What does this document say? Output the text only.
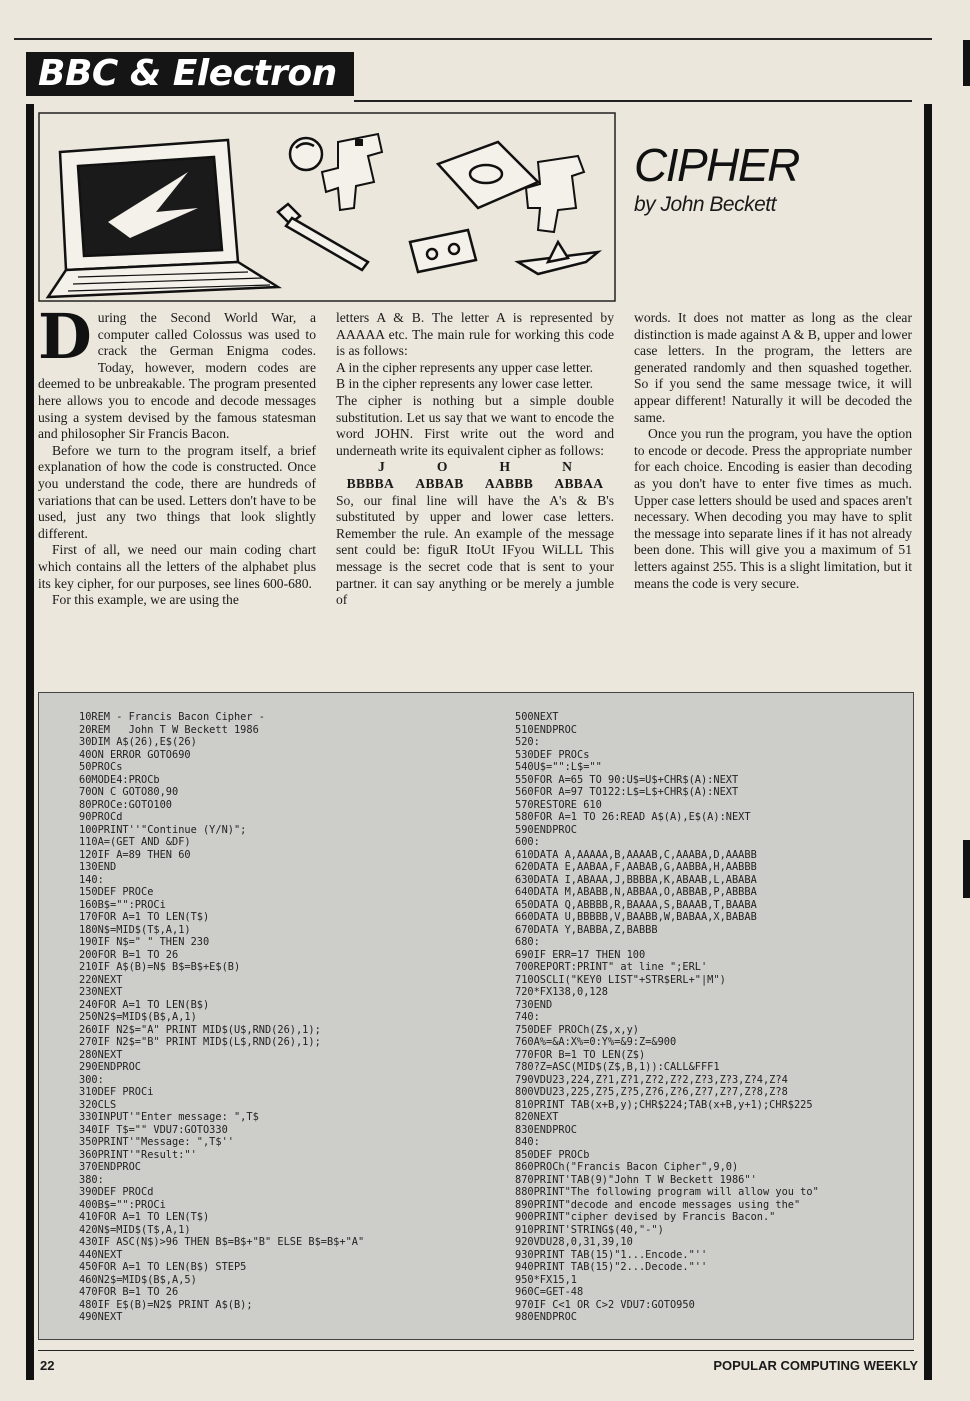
BBC & Electron
CIPHER
by John Beckett

During the Second World War, a computer called Colossus was used to crack the German Enigma codes. Today, however, modern codes are deemed to be unbreakable. The program presented here allows you to encode and decode messages using a system devised by the famous statesman and philosopher Sir Francis Bacon.

Before we turn to the program itself, a brief explanation of how the code is constructed. Once you understand the code, there are hundreds of variations that can be used. Letters don't have to be used, just any two things that look slightly different.

First of all, we need our main coding chart which contains all the letters of the alphabet plus its key cipher, for our purposes, see lines 600-680.

For this example, we are using the

letters A & B. The letter A is represented by AAAAA etc. The main rule for working this code is as follows:

A in the cipher represents any upper case letter.

B in the cipher represents any lower case letter.

The cipher is nothing but a simple double substitution. Let us say that we want to encode the word JOHN. First write out the word and underneath write its equivalent cipher as follows:

J	O	H	N
BBBBA ABBAB AABBB ABBAA

So, our final line will have the A's & B's substituted by upper and lower case letters. Remember the rule. An example of the message sent could be: figuR ItoUt IFyou WiLLL This message is the secret code that is sent to your partner. it can say anything or be merely a jumble of

words. It does not matter as long as the clear distinction is made against A & B, upper and lower case letters. In the program, the letters are generated randomly and then squashed together. So if you send the same message twice, it will appear different! Naturally it will be decoded the same.

Once you run the program, you have the option to encode or decode. Press the appropriate number for each choice. Encoding is easier than decoding as you don't have to enter five times as much. Upper case letters should be used and spaces aren't necessary. When decoding you may have to split the message into separate lines if it has not already been done. This will give you a maximum of 51 letters against 255. This is a slight limitation, but it means the code is very secure.

10REM - Francis Bacon Cipher -
20REM   John T W Beckett 1986
30DIM A$(26),E$(26)
40ON ERROR GOTO690
50PROCs
60MODE4:PROCb
70ON C GOTO80,90
80PROCe:GOTO100
90PROCd
100PRINT''"Continue (Y/N)";
110A=(GET AND &DF)
120IF A=89 THEN 60
130END
140:
150DEF PROCe
160B$="":PROCi
170FOR A=1 TO LEN(T$)
180N$=MID$(T$,A,1)
190IF N$=" " THEN 230
200FOR B=1 TO 26
210IF A$(B)=N$ B$=B$+E$(B)
220NEXT
230NEXT
240FOR A=1 TO LEN(B$)
250N2$=MID$(B$,A,1)
260IF N2$="A" PRINT MID$(U$,RND(26),1);
270IF N2$="B" PRINT MID$(L$,RND(26),1);
280NEXT
290ENDPROC
300:
310DEF PROCi
320CLS
330INPUT'"Enter message: ",T$
340IF T$="" VDU7:GOTO330
350PRINT'"Message: ",T$''
360PRINT'"Result:"'
370ENDPROC
380:
390DEF PROCd
400B$="":PROCi
410FOR A=1 TO LEN(T$)
420N$=MID$(T$,A,1)
430IF ASC(N$)>96 THEN B$=B$+"B" ELSE B$=B$+"A"
440NEXT
450FOR A=1 TO LEN(B$) STEP5
460N2$=MID$(B$,A,5)
470FOR B=1 TO 26
480IF E$(B)=N2$ PRINT A$(B);
490NEXT
500NEXT
510ENDPROC
520:
530DEF PROCs
540U$="":L$=""
550FOR A=65 TO 90:U$=U$+CHR$(A):NEXT
560FOR A=97 TO122:L$=L$+CHR$(A):NEXT
570RESTORE 610
580FOR A=1 TO 26:READ A$(A),E$(A):NEXT
590ENDPROC
600:
610DATA A,AAAAA,B,AAAAB,C,AAABA,D,AAABB
620DATA E,AABAA,F,AABAB,G,AABBA,H,AABBB
630DATA I,ABAAA,J,BBBBA,K,ABAAB,L,ABABA
640DATA M,ABABB,N,ABBAA,O,ABBAB,P,ABBBA
650DATA Q,ABBBB,R,BAAAA,S,BAAAB,T,BAABA
660DATA U,BBBBB,V,BAABB,W,BABAA,X,BABAB
670DATA Y,BABBA,Z,BABBB
680:
690IF ERR=17 THEN 100
700REPORT:PRINT" at line ";ERL'
710OSCLI("KEY0 LIST"+STR$ERL+"|M")
720*FX138,0,128
730END
740:
750DEF PROCh(Z$,x,y)
760A%=&A:X%=0:Y%=&9:Z=&900
770FOR B=1 TO LEN(Z$)
780?Z=ASC(MID$(Z$,B,1)):CALL&FFF1
790VDU23,224,Z?1,Z?1,Z?2,Z?2,Z?3,Z?3,Z?4,Z?4
800VDU23,225,Z?5,Z?5,Z?6,Z?6,Z?7,Z?7,Z?8,Z?8
810PRINT TAB(x+B,y);CHR$224;TAB(x+B,y+1);CHR$225
820NEXT
830ENDPROC
840:
850DEF PROCb
860PROCh("Francis Bacon Cipher",9,0)
870PRINT'TAB(9)"John T W Beckett 1986"'
880PRINT"The following program will allow you to"
890PRINT"decode and encode messages using the"
900PRINT"cipher devised by Francis Bacon."
910PRINT'STRING$(40,"-")
920VDU28,0,31,39,10
930PRINT TAB(15)"1...Encode."''
940PRINT TAB(15)"2...Decode."''
950*FX15,1
960C=GET-48
970IF C<1 OR C>2 VDU7:GOTO950
980ENDPROC
22	POPULAR COMPUTING WEEKLY
